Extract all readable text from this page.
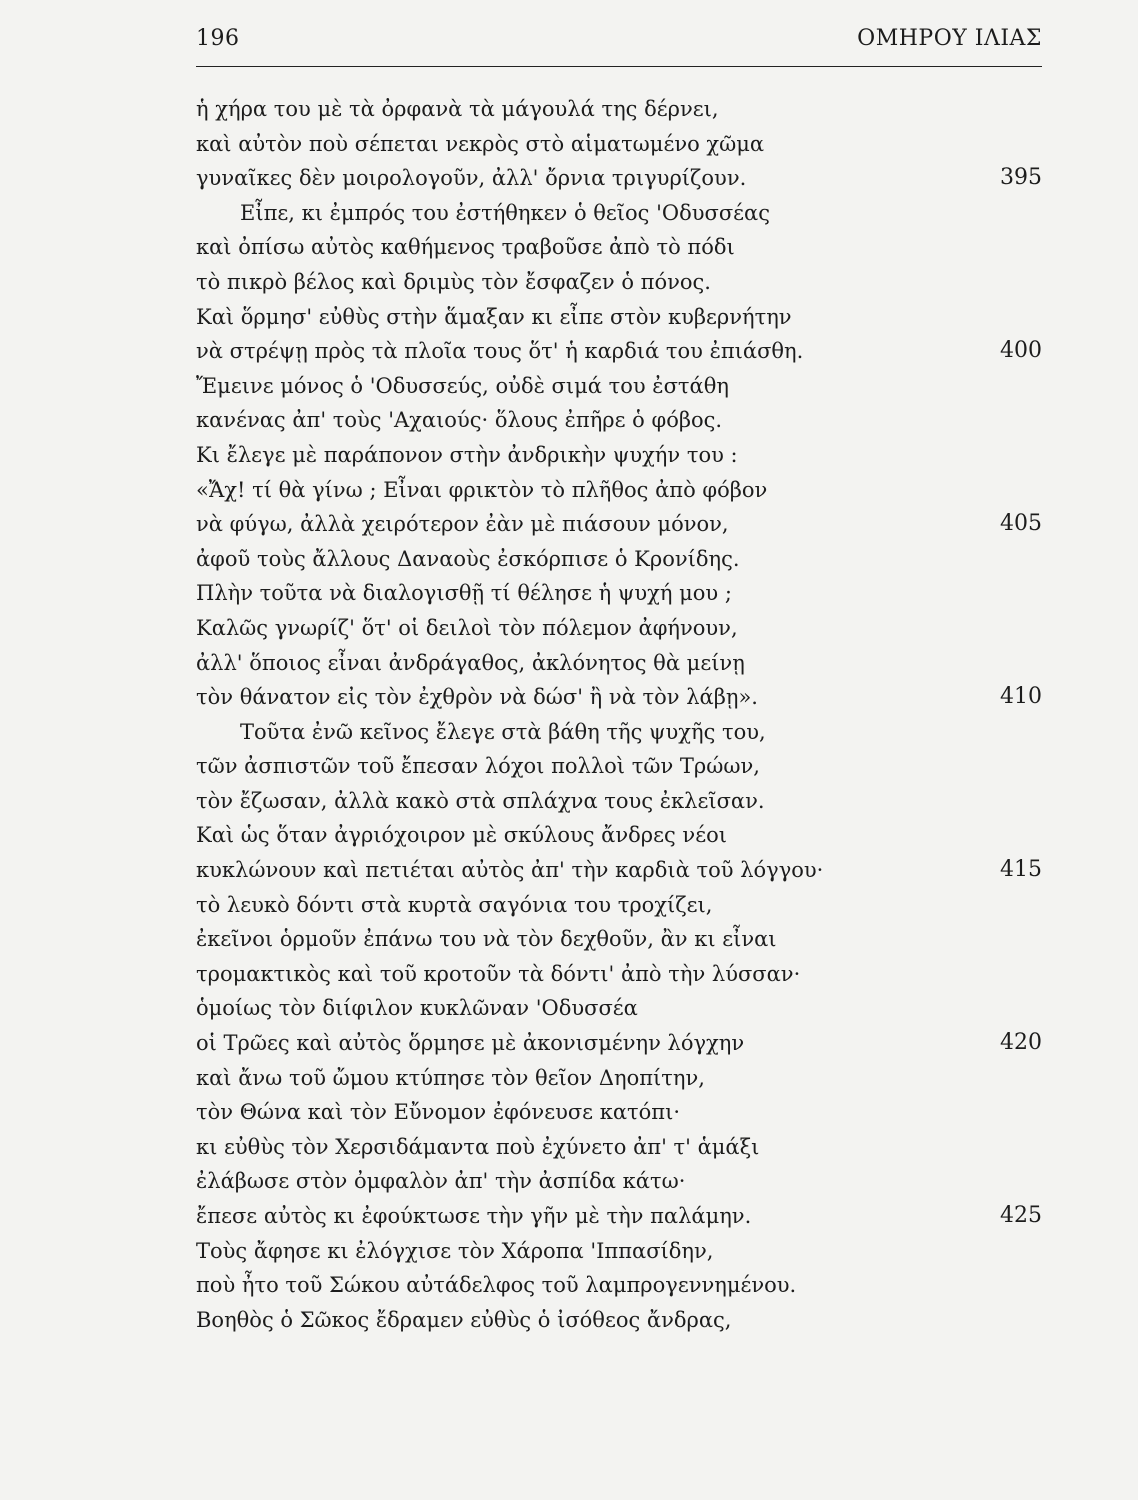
196	ΟΜΗΡΟΥ ΙΛΙΑΣ
ἡ χήρα του μὲ τὰ ὀρφανὰ τὰ μάγουλά της δέρνει,
καὶ αὐτὸν ποὺ σέπεται νεκρὸς στὸ αἱματωμένο χῶμα
γυναῖκες δὲν μοιρολογοῦν, ἀλλ' ὄρνια τριγυρίζουν.	395
Εἶπε, κι ἐμπρός του ἐστήθηκεν ὁ θεῖος 'Οδυσσέας
καὶ ὀπίσω αὐτὸς καθήμενος τραβοῦσε ἀπὸ τὸ πόδι
τὸ πικρὸ βέλος καὶ δριμὺς τὸν ἔσφαζεν ὁ πόνος.
Καὶ ὅρμησ' εὐθὺς στὴν ἅμαξαν κι εἶπε στὸν κυβερνήτην
νὰ στρέψῃ πρὸς τὰ πλοῖα τους ὅτ' ἡ καρδιά του ἐπιάσθη.	400
Ἔμεινε μόνος ὁ 'Οδυσσεύς, οὐδὲ σιμά του ἐστάθη
κανένας ἀπ' τοὺς 'Αχαιούς· ὅλους ἐπῆρε ὁ φόβος.
Κι ἔλεγε μὲ παράπονον στὴν ἀνδρικὴν ψυχήν του :
«Ἄχ! τί θὰ γίνω ; Εἶναι φρικτὸν τὸ πλῆθος ἀπὸ φόβον
νὰ φύγω, ἀλλὰ χειρότερον ἐὰν μὲ πιάσουν μόνον,	405
ἀφοῦ τοὺς ἄλλους Δαναοὺς ἐσκόρπισε ὁ Κρονίδης.
Πλὴν τοῦτα νὰ διαλογισθῇ τί θέλησε ἡ ψυχή μου ;
Καλῶς γνωρίζ' ὅτ' οἱ δειλοὶ τὸν πόλεμον ἀφήνουν,
ἀλλ' ὅποιος εἶναι ἀνδράγαθος, ἀκλόνητος θὰ μείνῃ
τὸν θάνατον εἰς τὸν ἐχθρὸν νὰ δώσ' ἢ νὰ τὸν λάβῃ».	410
Τοῦτα ἐνῶ κεῖνος ἔλεγε στὰ βάθη τῆς ψυχῆς του,
τῶν ἀσπιστῶν τοῦ ἔπεσαν λόχοι πολλοὶ τῶν Τρώων,
τὸν ἔζωσαν, ἀλλὰ κακὸ στὰ σπλάχνα τους ἐκλεῖσαν.
Καὶ ὡς ὅταν ἀγριόχοιρον μὲ σκύλους ἄνδρες νέοι
κυκλώνουν καὶ πετιέται αὐτὸς ἀπ' τὴν καρδιὰ τοῦ λόγγου·	415
τὸ λευκὸ δόντι στὰ κυρτὰ σαγόνια του τροχίζει,
ἐκεῖνοι ὁρμοῦν ἐπάνω του νὰ τὸν δεχθοῦν, ἂν κι εἶναι
τρομακτικὸς καὶ τοῦ κροτοῦν τὰ δόντι' ἀπὸ τὴν λύσσαν·
ὁμοίως τὸν διίφιλον κυκλῶναν 'Οδυσσέα
οἱ Τρῶες καὶ αὐτὸς ὅρμησε μὲ ἀκονισμένην λόγχην	420
καὶ ἄνω τοῦ ὤμου κτύπησε τὸν θεῖον Δηοπίτην,
τὸν Θώνα καὶ τὸν Εὔνομον ἐφόνευσε κατόπι·
κι εὐθὺς τὸν Χερσιδάμαντα ποὺ ἐχύνετο ἀπ' τ' ἁμάξι
ἐλάβωσε στὸν ὀμφαλὸν ἀπ' τὴν ἀσπίδα κάτω·
ἔπεσε αὐτὸς κι ἐφούκτωσε τὴν γῆν μὲ τὴν παλάμην.	425
Τοὺς ἄφησε κι ἐλόγχισε τὸν Χάροπα 'Ιππασίδην,
ποὺ ἦτο τοῦ Σώκου αὐτάδελφος τοῦ λαμπρογεννημένου.
Βοηθὸς ὁ Σῶκος ἔδραμεν εὐθὺς ὁ ἰσόθεος ἄνδρας,
